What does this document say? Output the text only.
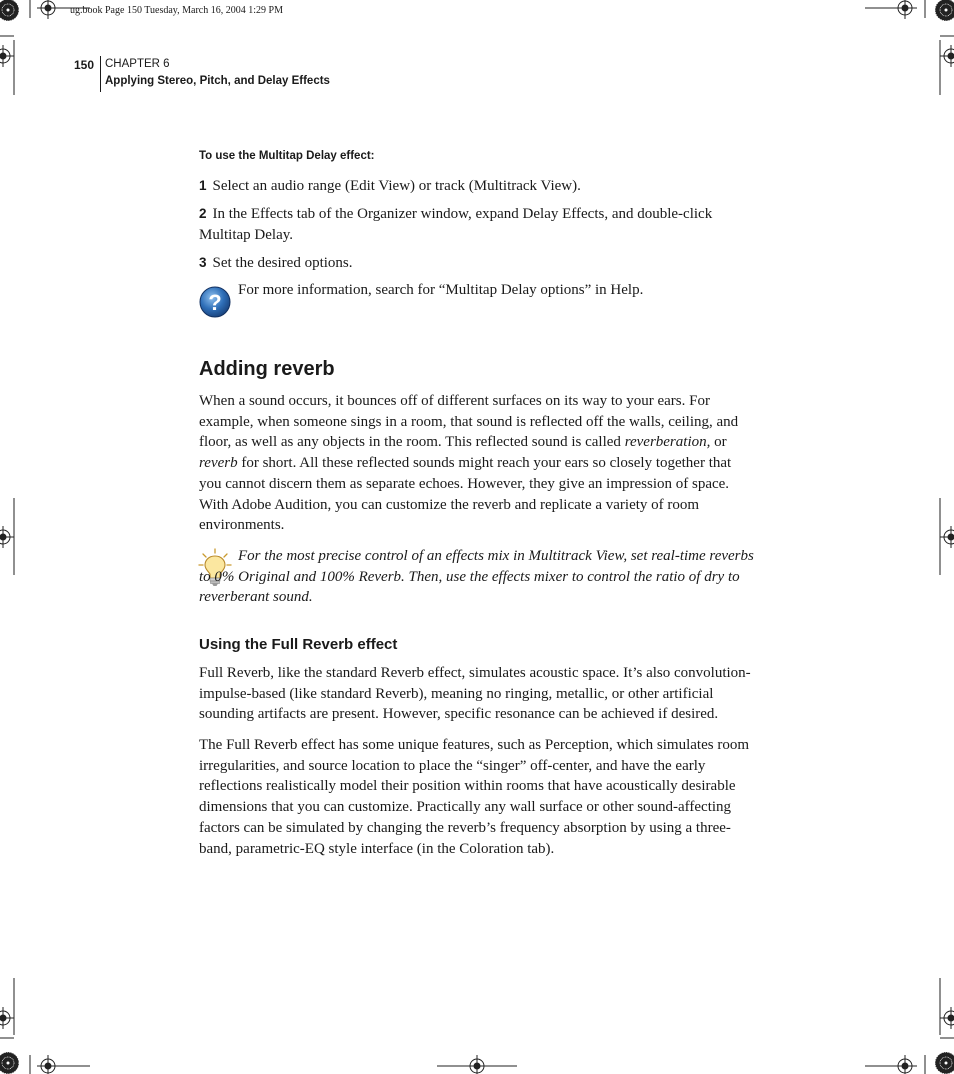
ug.book Page 150 Tuesday, March 16, 2004 1:29 PM
150 CHAPTER 6
Applying Stereo, Pitch, and Delay Effects
To use the Multitap Delay effect:
1 Select an audio range (Edit View) or track (Multitrack View).
2 In the Effects tab of the Organizer window, expand Delay Effects, and double-click Multitap Delay.
3 Set the desired options.
? For more information, search for “Multitap Delay options” in Help.
Adding reverb

When a sound occurs, it bounces off of different surfaces on its way to your ears. For example, when someone sings in a room, that sound is reflected off the walls, ceiling, and floor, as well as any objects in the room. This reflected sound is called reverberation, or reverb for short. All these reflected sounds might reach your ears so closely together that you cannot discern them as separate echoes. However, they give an impression of space. With Adobe Audition, you can customize the reverb and replicate a variety of room environments.

For the most precise control of an effects mix in Multitrack View, set real-time reverbs to 0% Original and 100% Reverb. Then, use the effects mixer to control the ratio of dry to reverberant sound.
Using the Full Reverb effect

Full Reverb, like the standard Reverb effect, simulates acoustic space. It’s also convolution-impulse-based (like standard Reverb), meaning no ringing, metallic, or other artificial sounding artifacts are present. However, specific resonance can be achieved if desired.

The Full Reverb effect has some unique features, such as Perception, which simulates room irregularities, and source location to place the “singer” off-center, and have the early reflections realistically model their position within rooms that have acoustically desirable dimensions that you can customize. Practically any wall surface or other sound-affecting factors can be simulated by changing the reverb’s frequency absorption by using a three-band, parametric-EQ style interface (in the Coloration tab).
